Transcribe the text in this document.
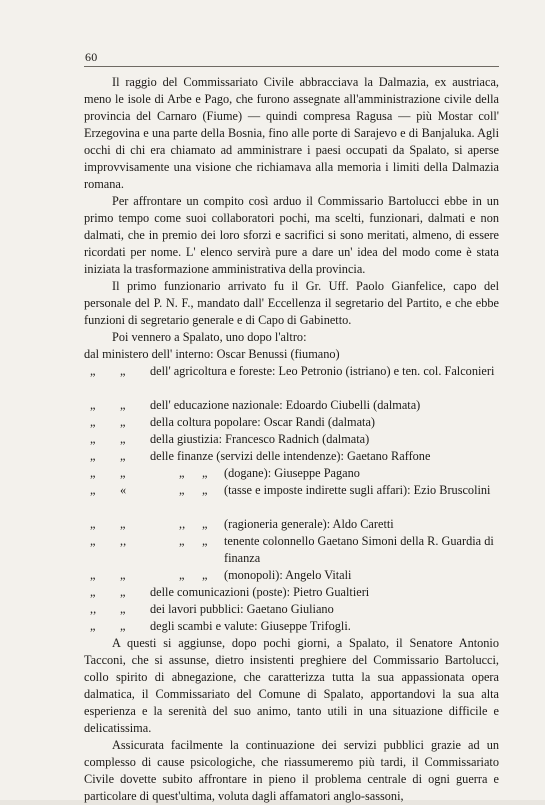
60

Il raggio del Commissariato Civile abbracciava la Dalmazia, ex austriaca, meno le isole di Arbe e Pago, che furono assegnate all'amministrazione civile della provincia del Carnaro (Fiume) — quindi compresa Ragusa — più Mostar coll' Erzegovina e una parte della Bosnia, fino alle porte di Sarajevo e di Banjaluka. Agli occhi di chi era chiamato ad amministrare i paesi occupati da Spalato, si aperse improvvisamente una visione che richiamava alla memoria i limiti della Dalmazia romana.

Per affrontare un compito così arduo il Commissario Bartolucci ebbe in un primo tempo come suoi collaboratori pochi, ma scelti, funzionari, dalmati e non dalmati, che in premio dei loro sforzi e sacrifici si sono meritati, almeno, di essere ricordati per nome. L' elenco servirà pure a dare un' idea del modo come è stata iniziata la trasformazione amministrativa della provincia.

Il primo funzionario arrivato fu il Gr. Uff. Paolo Gianfelice, capo del personale del P. N. F., mandato dall' Eccellenza il segretario del Partito, e che ebbe funzioni di segretario generale e di Capo di Gabinetto.

Poi vennero a Spalato, uno dopo l'altro:

dal ministero dell' interno: Oscar Benussi (fiumano)
„ „ dell' agricoltura e foreste: Leo Petronio (istriano) e ten. col. Falconieri
„ „ dell' educazione nazionale: Edoardo Ciubelli (dalmata)
„ „ della coltura popolare: Oscar Randi (dalmata)
„ „ della giustizia: Francesco Radnich (dalmata)
„ „ delle finanze (servizi delle intendenze): Gaetano Raffone
„ „	„ „ (dogane): Giuseppe Pagano
„ «	„ „ (tasse e imposte indirette sugli affari): Ezio Bruscolini
„ „	,, „ (ragioneria generale): Aldo Caretti
„ ,,	„ „ tenente colonnello Gaetano Simoni della R. Guardia di finanza
„ „	„ „ (monopoli): Angelo Vitali
„ „ delle comunicazioni (poste): Pietro Gualtieri
,, „ dei lavori pubblici: Gaetano Giuliano
„ „ degli scambi e valute: Giuseppe Trifogli.

A questi si aggiunse, dopo pochi giorni, a Spalato, il Senatore Antonio Tacconi, che si assunse, dietro insistenti preghiere del Commissario Bartolucci, collo spirito di abnegazione, che caratterizza tutta la sua appassionata opera dalmatica, il Commissariato del Comune di Spalato, apportandovi la sua alta esperienza e la serenità del suo animo, tanto utili in una situazione difficile e delicatissima.

Assicurata facilmente la continuazione dei servizi pubblici grazie ad un complesso di cause psicologiche, che riassumeremo più tardi, il Commissariato Civile dovette subito affrontare in pieno il problema centrale di ogni guerra e particolare di quest'ultima, voluta dagli affamatori anglo-sassoni,
